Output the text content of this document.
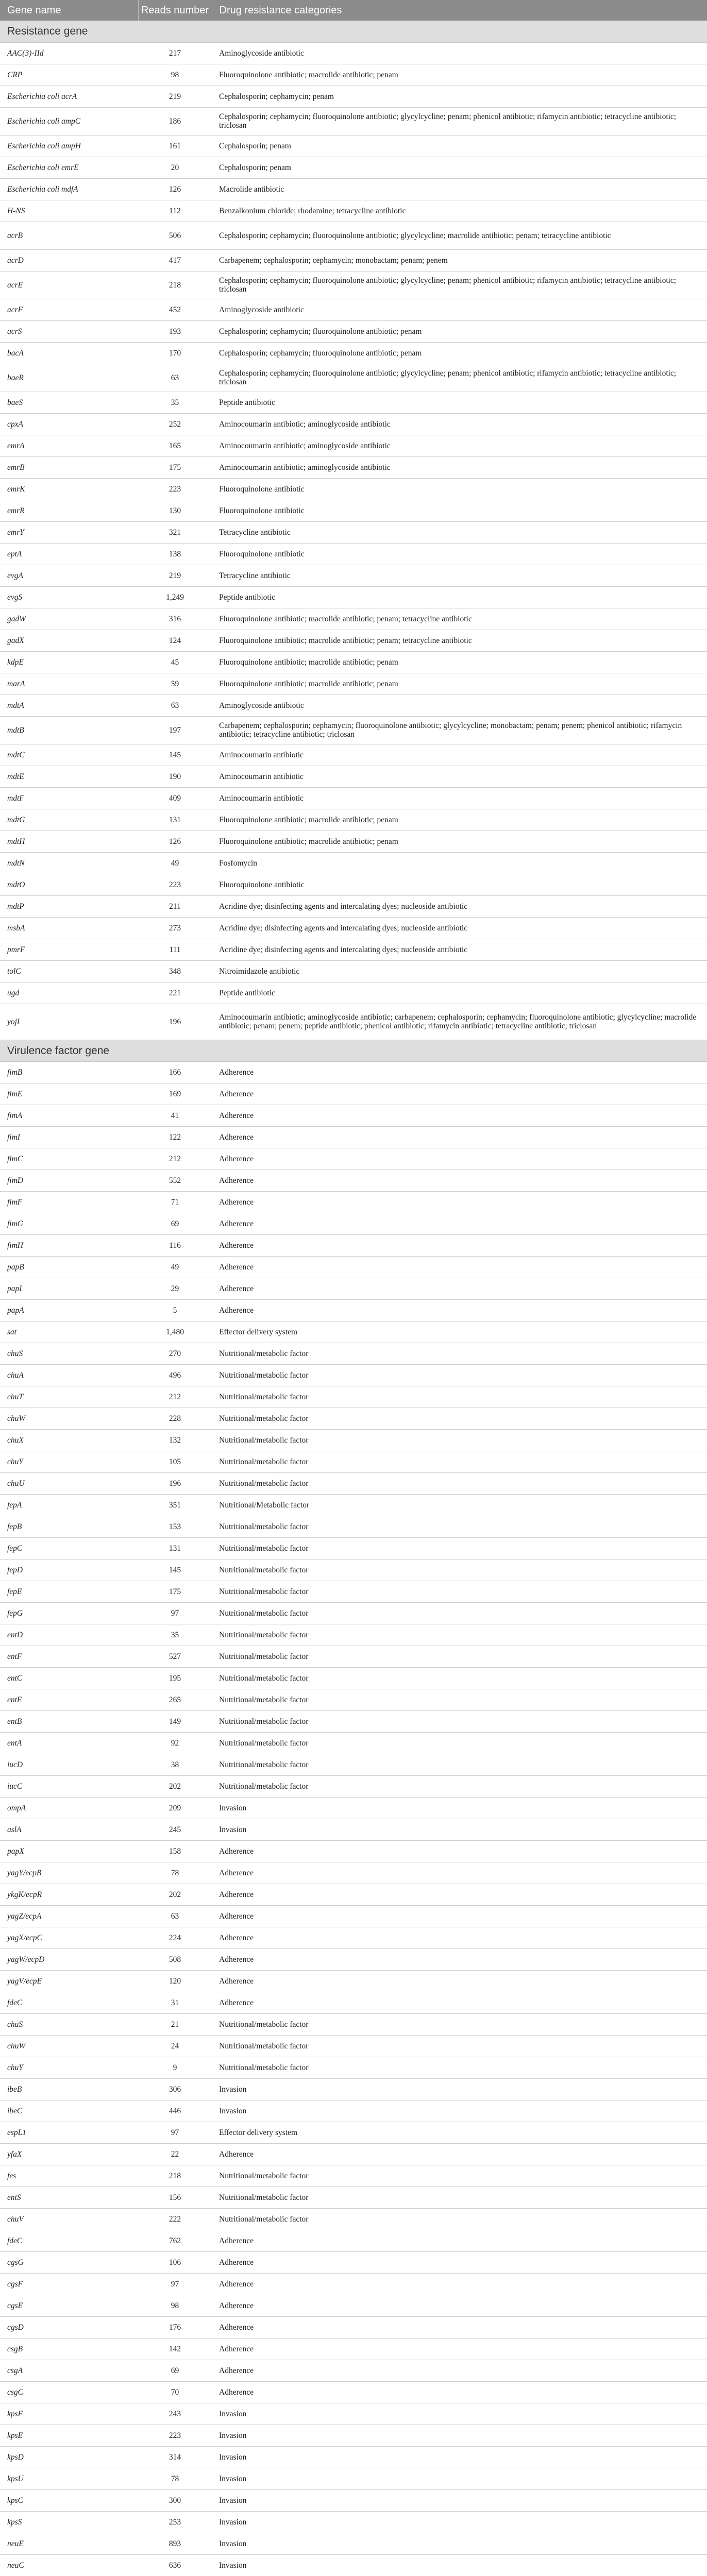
Gene name	Reads number	Drug resistance categories
Resistance gene		
AAC(3)-IId	217	Aminoglycoside antibiotic
CRP	98	Fluoroquinolone antibiotic; macrolide antibiotic; penam
Escherichia coli acrA	219	Cephalosporin; cephamycin; penam
Escherichia coli ampC	186	Cephalosporin; cephamycin; fluoroquinolone antibiotic; glycylcycline; penam; phenicol antibiotic; rifamycin antibiotic; tetracycline antibiotic; triclosan
Escherichia coli ampH	161	Cephalosporin; penam
Escherichia coli emrE	20	Cephalosporin; penam
Escherichia coli mdfA	126	Macrolide antibiotic
H-NS	112	Benzalkonium chloride; rhodamine; tetracycline antibiotic
acrB	506	Cephalosporin; cephamycin; fluoroquinolone antibiotic; glycylcycline; macrolide antibiotic; penam; tetracycline antibiotic
acrD	417	Carbapenem; cephalosporin; cephamycin; monobactam; penam; penem
acrE	218	Cephalosporin; cephamycin; fluoroquinolone antibiotic; glycylcycline; penam; phenicol antibiotic; rifamycin antibiotic; tetracycline antibiotic; triclosan
acrF	452	Aminoglycoside antibiotic
acrS	193	Cephalosporin; cephamycin; fluoroquinolone antibiotic; penam
bacA	170	Cephalosporin; cephamycin; fluoroquinolone antibiotic; penam
baeR	63	Cephalosporin; cephamycin; fluoroquinolone antibiotic; glycylcycline; penam; phenicol antibiotic; rifamycin antibiotic; tetracycline antibiotic; triclosan
baeS	35	Peptide antibiotic
cpxA	252	Aminocoumarin antibiotic; aminoglycoside antibiotic
emrA	165	Aminocoumarin antibiotic; aminoglycoside antibiotic
emrB	175	Aminocoumarin antibiotic; aminoglycoside antibiotic
emrK	223	Fluoroquinolone antibiotic
emrR	130	Fluoroquinolone antibiotic
emrY	321	Tetracycline antibiotic
eptA	138	Fluoroquinolone antibiotic
evgA	219	Tetracycline antibiotic
evgS	1,249	Peptide antibiotic
gadW	316	Fluoroquinolone antibiotic; macrolide antibiotic; penam; tetracycline antibiotic
gadX	124	Fluoroquinolone antibiotic; macrolide antibiotic; penam; tetracycline antibiotic
kdpE	45	Fluoroquinolone antibiotic; macrolide antibiotic; penam
marA	59	Fluoroquinolone antibiotic; macrolide antibiotic; penam
mdtA	63	Aminoglycoside antibiotic
mdtB	197	Carbapenem; cephalosporin; cephamycin; fluoroquinolone antibiotic; glycylcycline; monobactam; penam; penem; phenicol antibiotic; rifamycin antibiotic; tetracycline antibiotic; triclosan
mdtC	145	Aminocoumarin antibiotic
mdtE	190	Aminocoumarin antibiotic
mdtF	409	Aminocoumarin antibiotic
mdtG	131	Fluoroquinolone antibiotic; macrolide antibiotic; penam
mdtH	126	Fluoroquinolone antibiotic; macrolide antibiotic; penam
mdtN	49	Fosfomycin
mdtO	223	Fluoroquinolone antibiotic
mdtP	211	Acridine dye; disinfecting agents and intercalating dyes; nucleoside antibiotic
msbA	273	Acridine dye; disinfecting agents and intercalating dyes; nucleoside antibiotic
pmrF	111	Acridine dye; disinfecting agents and intercalating dyes; nucleoside antibiotic
tolC	348	Nitroimidazole antibiotic
ugd	221	Peptide antibiotic
yojI	196	Aminocoumarin antibiotic; aminoglycoside antibiotic; carbapenem; cephalosporin; cephamycin; fluoroquinolone antibiotic; glycylcycline; macrolide antibiotic; penam; penem; peptide antibiotic; phenicol antibiotic; rifamycin antibiotic; tetracycline antibiotic; triclosan
Virulence factor gene		
fimB	166	Adherence
fimE	169	Adherence
fimA	41	Adherence
fimI	122	Adherence
fimC	212	Adherence
fimD	552	Adherence
fimF	71	Adherence
fimG	69	Adherence
fimH	116	Adherence
papB	49	Adherence
papI	29	Adherence
papA	5	Adherence
sat	1,480	Effector delivery system
chuS	270	Nutritional/metabolic factor
chuA	496	Nutritional/metabolic factor
chuT	212	Nutritional/metabolic factor
chuW	228	Nutritional/metabolic factor
chuX	132	Nutritional/metabolic factor
chuY	105	Nutritional/metabolic factor
chuU	196	Nutritional/metabolic factor
fepA	351	Nutritional/Metabolic factor
fepB	153	Nutritional/metabolic factor
fepC	131	Nutritional/metabolic factor
fepD	145	Nutritional/metabolic factor
fepE	175	Nutritional/metabolic factor
fepG	97	Nutritional/metabolic factor
entD	35	Nutritional/metabolic factor
entF	527	Nutritional/metabolic factor
entC	195	Nutritional/metabolic factor
entE	265	Nutritional/metabolic factor
entB	149	Nutritional/metabolic factor
entA	92	Nutritional/metabolic factor
iucD	38	Nutritional/metabolic factor
iucC	202	Nutritional/metabolic factor
ompA	209	Invasion
aslA	245	Invasion
papX	158	Adherence
yagY/ecpB	78	Adherence
ykgK/ecpR	202	Adherence
yagZ/ecpA	63	Adherence
yagX/ecpC	224	Adherence
yagW/ecpD	508	Adherence
yagV/ecpE	120	Adherence
fdeC	31	Adherence
chuS	21	Nutritional/metabolic factor
chuW	24	Nutritional/metabolic factor
chuY	9	Nutritional/metabolic factor
ibeB	306	Invasion
ibeC	446	Invasion
espL1	97	Effector delivery system
yfaX	22	Adherence
fes	218	Nutritional/metabolic factor
entS	156	Nutritional/metabolic factor
chuV	222	Nutritional/metabolic factor
fdeC	762	Adherence
cgsG	106	Adherence
cgsF	97	Adherence
cgsE	98	Adherence
cgsD	176	Adherence
csgB	142	Adherence
csgA	69	Adherence
csgC	70	Adherence
kpsF	243	Invasion
kpsE	223	Invasion
kpsD	314	Invasion
kpsU	78	Invasion
kpsC	300	Invasion
kpsS	253	Invasion
neuE	893	Invasion
neuC	636	Invasion
